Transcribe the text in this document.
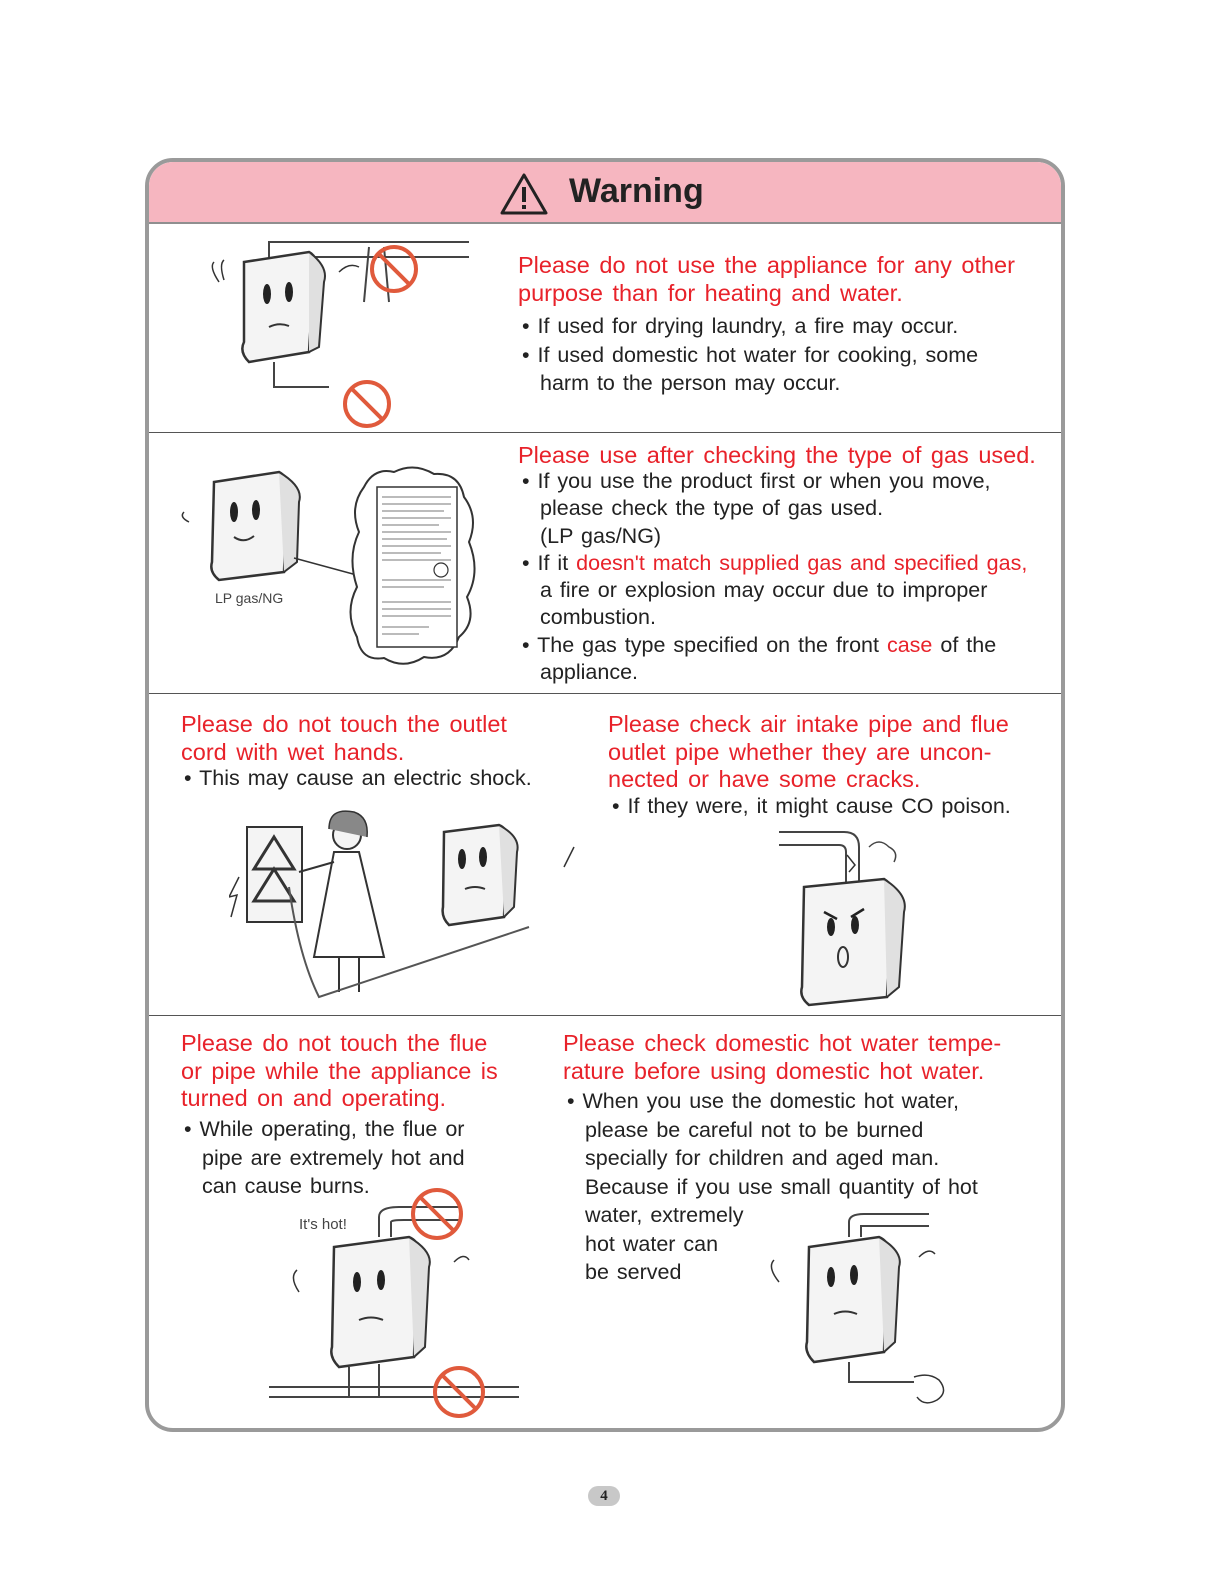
Warning
Please do not use the appliance for any other
purpose than for heating and water.
• If used for drying laundry, a fire may occur.
• If used domestic hot water for cooking, some
harm to the person may occur.
Please use after checking the type of gas used.
• If you use the product first or when you move,
please check the type of gas used.
(LP gas/NG)
• If it doesn't match supplied gas and specified gas,
a fire or explosion may occur due to improper
combustion.
• The gas type specified on the front case of the
appliance.
LP gas/NG
Please do not touch the outlet
cord with wet hands.
• This may cause an electric shock.
Please check air intake pipe and flue
outlet pipe whether they are uncon-
nected or have some cracks.
• If they were, it might cause CO poison.
Please do not touch the flue
or pipe while the appliance is
turned on and operating.
• While operating, the flue or
pipe are extremely hot and
can cause burns.
It's hot!
Please check domestic hot water tempe-
rature before using domestic hot water.
• When you use the domestic hot water,
please be careful not to be burned
specially for children and aged man.
Because if you use small quantity of hot
water, extremely
hot water can
be served
4
